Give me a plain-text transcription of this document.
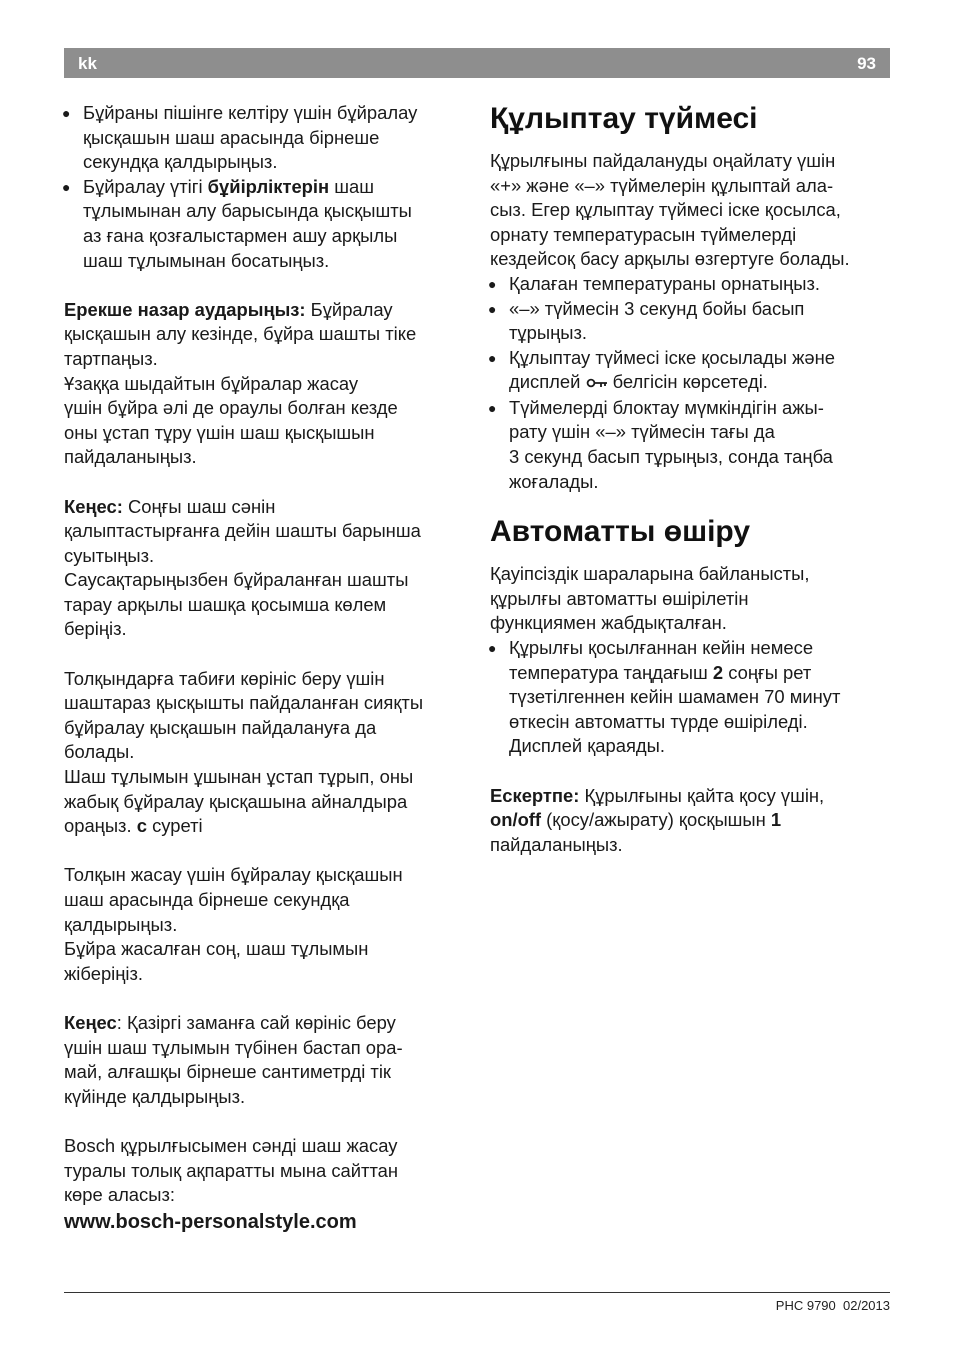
kk	93
● Бұйраны пішінге келтіру үшін бұйралау
қысқашын шаш арасында бірнеше
секундқа қалдырыңыз.
● Бұйралау үтігі бұйірліктерін шаш
тұлымынан алу барысында қысқышты
аз ғана қозғалыстармен ашу арқылы
шаш тұлымынан босатыңыз.
Ерекше назар аударыңыз: Бұйралау
қысқашын алу кезінде, бұйра шашты тіке
тартпаңыз.
Ұзаққа шыдайтын бұйралар жасау
үшін бұйра әлі де ораулы болған кезде
оны ұстап тұру үшін шаш қысқышын
пайдаланыңыз.
Кеңес: Соңғы шаш сәнін
қалыптастырғанға дейін шашты барынша
суытыңыз.
Саусақтарыңызбен бұйраланған шашты
тарау арқылы шашқа қосымша көлем
беріңіз.
Толқындарға табиғи көрініс беру үшін
шаштараз қысқышты пайдаланған сияқты
бұйралау қысқашын пайдалануға да
болады.
Шаш тұлымын ұшынан ұстап тұрып, оны
жабық бұйралау қысқашына айналдыра
ораңыз. c суреті
Толқын жасау үшін бұйралау қысқашын
шаш арасында бірнеше секундқа
қалдырыңыз.
Бұйра жасалған соң, шаш тұлымын
жіберіңіз.
Кеңес: Қазіргі заманға сай көрініс беру
үшін шаш тұлымын түбінен бастап ора-
май, алғашқы бірнеше сантиметрді тік
күйінде қалдырыңыз.
Bosch құрылғысымен сәнді шаш жасау
туралы толық ақпаратты мына сайттан
көре аласыз:
www.bosch-personalstyle.com
Құлыптау түймесі
Құрылғыны пайдалануды оңайлату үшін
«+» және «–» түймелерін құлыптай ала-
сыз. Егер құлыптау түймесі іске қосылса,
орнату температурасын түймелерді
кездейсоқ басу арқылы өзгертуге болады.
● Қалаған температураны орнатыңыз.
● «–» түймесін 3 секунд бойы басып
тұрыңыз.
● Құлыптау түймесі іске қосылады және
дисплей  белгісін көрсетеді.
● Түймелерді блоктау мүмкіндігін ажы-
рату үшін «–» түймесін тағы да
3 секунд басып тұрыңыз, сонда таңба
жоғалады.
Автоматты өшіру
Қауіпсіздік шараларына байланысты,
құрылғы автоматты өшірілетін
функциямен жабдықталған.
● Құрылғы қосылғаннан кейін немесе
температура таңдағыш 2 соңғы рет
түзетілгеннен кейін шамамен 70 минут
өткесін автоматты түрде өшіріледі.
Дисплей қараяды.
Ескертпе: Құрылғыны қайта қосу үшін,
on/off (қосу/ажырату) қосқышын 1
пайдаланыңыз.
PHC 9790 02/2013
